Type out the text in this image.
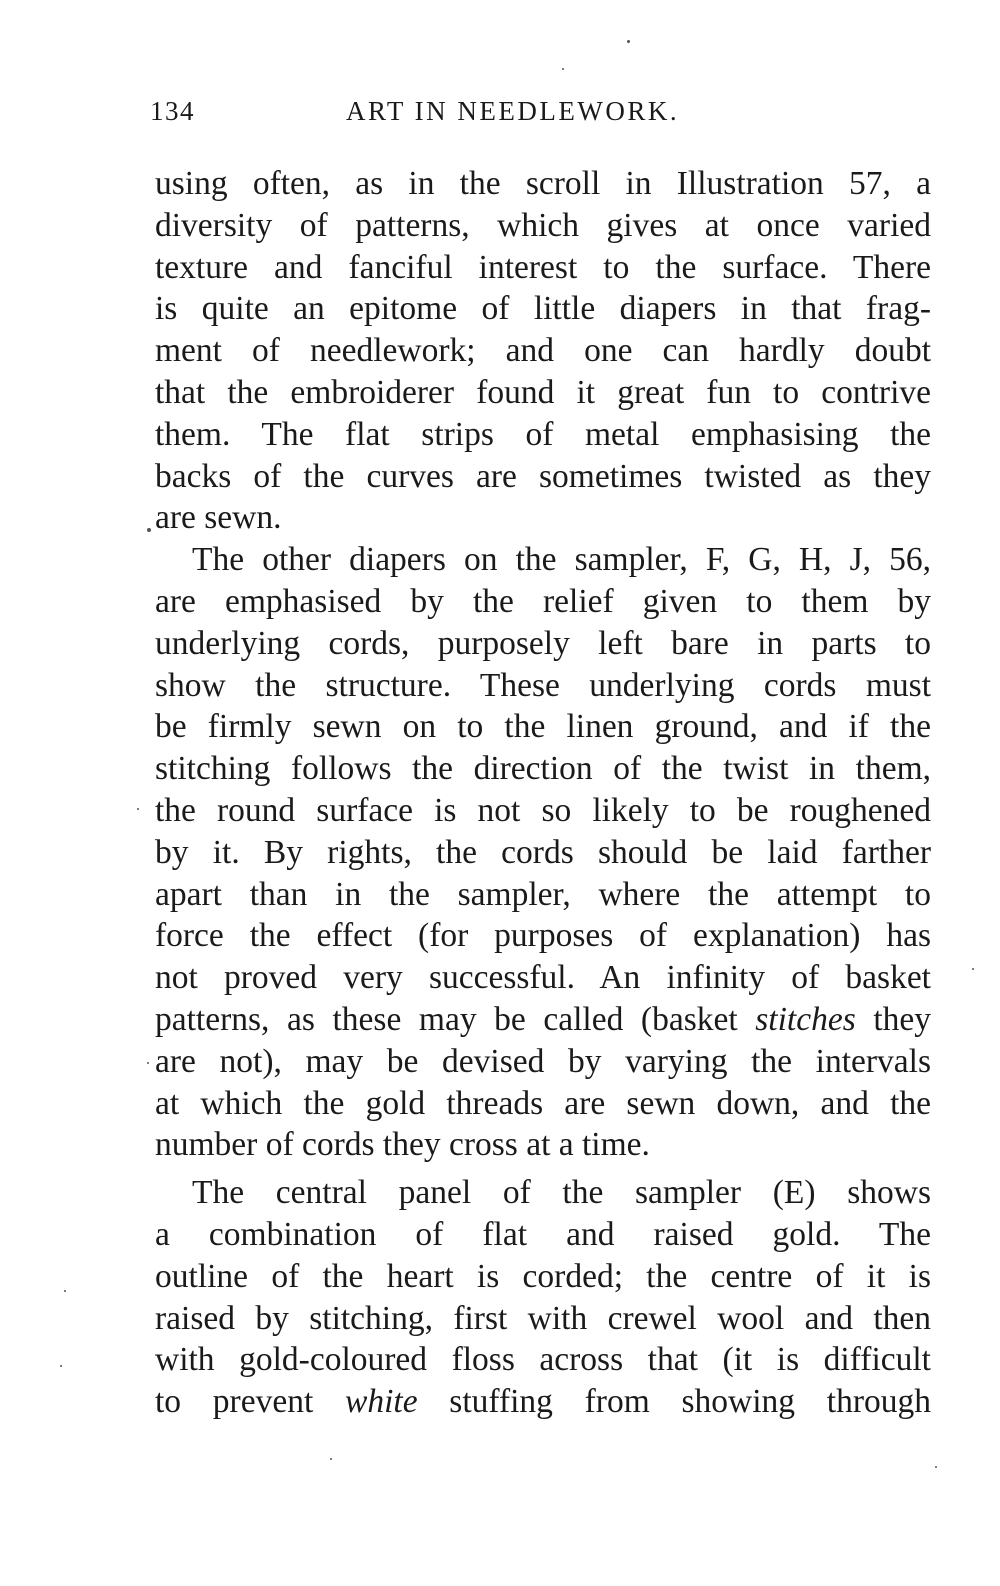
134	ART IN NEEDLEWORK.
using often, as in the scroll in Illustration 57, a
diversity of patterns, which gives at once varied
texture and fanciful interest to the surface. There
is quite an epitome of little diapers in that frag-
ment of needlework; and one can hardly doubt
that the embroiderer found it great fun to contrive
them. The flat strips of metal emphasising the
backs of the curves are sometimes twisted as they
are sewn.
The other diapers on the sampler, F, G, H, J, 56,
are emphasised by the relief given to them by
underlying cords, purposely left bare in parts to
show the structure. These underlying cords must
be firmly sewn on to the linen ground, and if the
stitching follows the direction of the twist in them,
the round surface is not so likely to be roughened
by it. By rights, the cords should be laid farther
apart than in the sampler, where the attempt to
force the effect (for purposes of explanation) has
not proved very successful. An infinity of basket
patterns, as these may be called (basket stitches they
are not), may be devised by varying the intervals
at which the gold threads are sewn down, and the
number of cords they cross at a time.
The central panel of the sampler (E) shows
a combination of flat and raised gold. The
outline of the heart is corded; the centre of it is
raised by stitching, first with crewel wool and then
with gold-coloured floss across that (it is difficult
to prevent white stuffing from showing through
